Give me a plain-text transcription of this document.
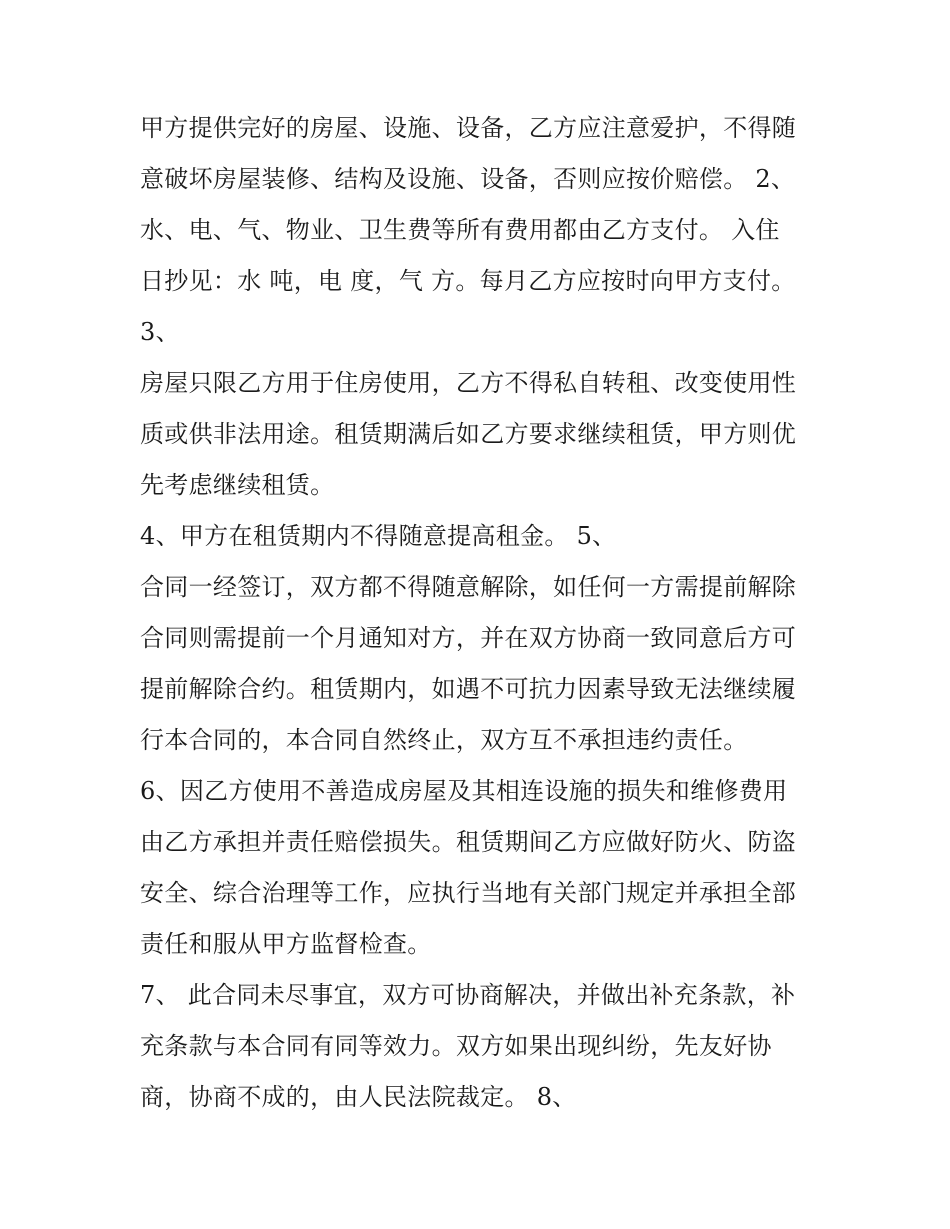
甲方提供完好的房屋、设施、设备，乙方应注意爱护，不得随
意破坏房屋装修、结构及设施、设备，否则应按价赔偿。 2、
水、电、气、物业、卫生费等所有费用都由乙方支付。 入住
日抄见：水 吨，电 度，气 方。每月乙方应按时向甲方支付。
3、
房屋只限乙方用于住房使用，乙方不得私自转租、改变使用性
质或供非法用途。租赁期满后如乙方要求继续租赁，甲方则优
先考虑继续租赁。
4、甲方在租赁期内不得随意提高租金。 5、
合同一经签订，双方都不得随意解除，如任何一方需提前解除
合同则需提前一个月通知对方，并在双方协商一致同意后方可
提前解除合约。租赁期内，如遇不可抗力因素导致无法继续履
行本合同的，本合同自然终止，双方互不承担违约责任。
6、因乙方使用不善造成房屋及其相连设施的损失和维修费用
由乙方承担并责任赔偿损失。租赁期间乙方应做好防火、防盗
安全、综合治理等工作，应执行当地有关部门规定并承担全部
责任和服从甲方监督检查。
7、 此合同未尽事宜，双方可协商解决，并做出补充条款，补
充条款与本合同有同等效力。双方如果出现纠纷，先友好协
商，协商不成的，由人民法院裁定。 8、
